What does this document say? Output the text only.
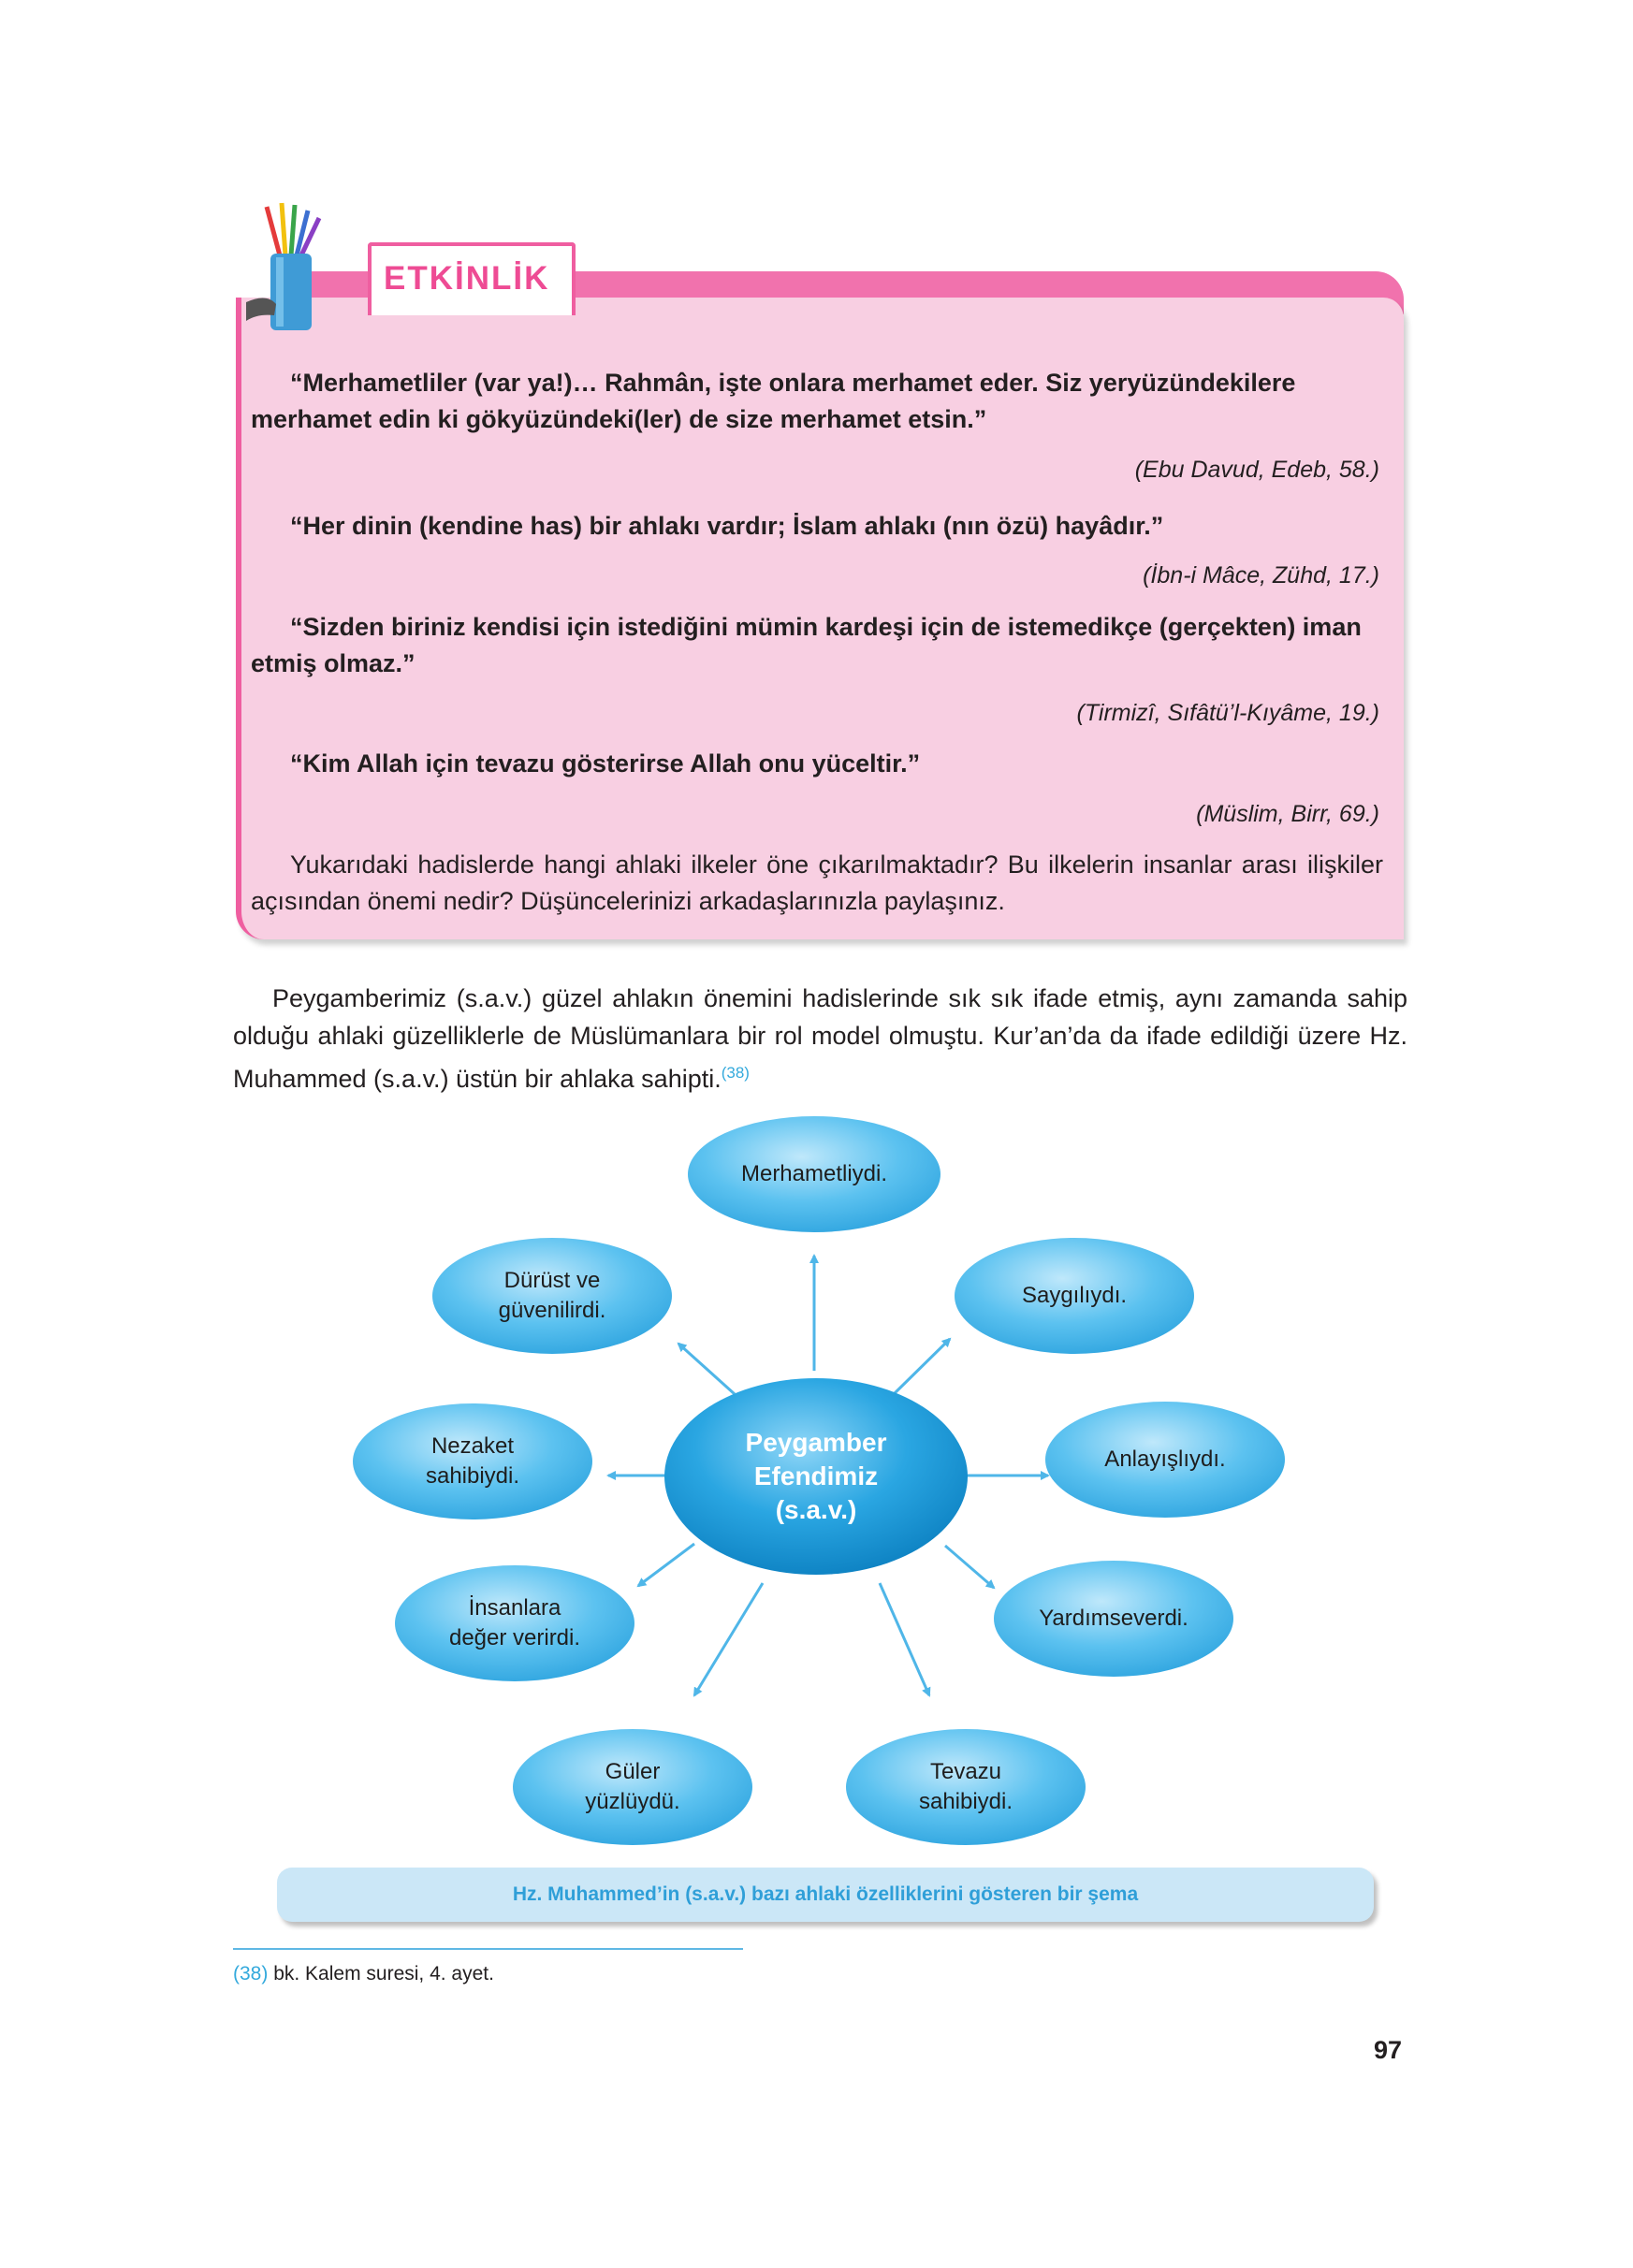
ETKİNLİK
“Merhametliler (var ya!)… Rahmân, işte onlara merhamet eder. Siz yeryüzündekilere merhamet edin ki gökyüzündeki(ler) de size merhamet etsin.”
(Ebu Davud, Edeb, 58.)
“Her dinin (kendine has) bir ahlakı vardır; İslam ahlakı (nın özü) hayâdır.”
(İbn-i Mâce, Zühd, 17.)
“Sizden biriniz kendisi için istediğini mümin kardeşi için de istemedikçe (gerçekten) iman etmiş olmaz.”
(Tirmizî, Sıfâtü’l-Kıyâme, 19.)
“Kim Allah için tevazu gösterirse Allah onu yüceltir.”
(Müslim, Birr, 69.)
Yukarıdaki hadislerde hangi ahlaki ilkeler öne çıkarılmaktadır? Bu ilkelerin insanlar arası ilişkiler açısından önemi nedir? Düşüncelerinizi arkadaşlarınızla paylaşınız.
Peygamberimiz (s.a.v.) güzel ahlakın önemini hadislerinde sık sık ifade etmiş, aynı zamanda sahip olduğu ahlaki güzelliklerle de Müslümanlara bir rol model olmuştu. Kur’an’da da ifade edildiği üzere Hz. Muhammed (s.a.v.) üstün bir ahlaka sahipti.$^{(38)}$
Merhametliydi.
Saygılıydı.
Anlayışlıydı.
Yardımseverdi.
Tevazu
sahibiydi.
Güler
yüzlüydü.
İnsanlara
değer verirdi.
Nezaket
sahibiydi.
Dürüst ve
güvenilirdi.
Peygamber
Efendimiz
(s.a.v.)
Hz. Muhammed’in (s.a.v.) bazı ahlaki özelliklerini gösteren bir şema
(38) bk. Kalem suresi, 4. ayet.
97
